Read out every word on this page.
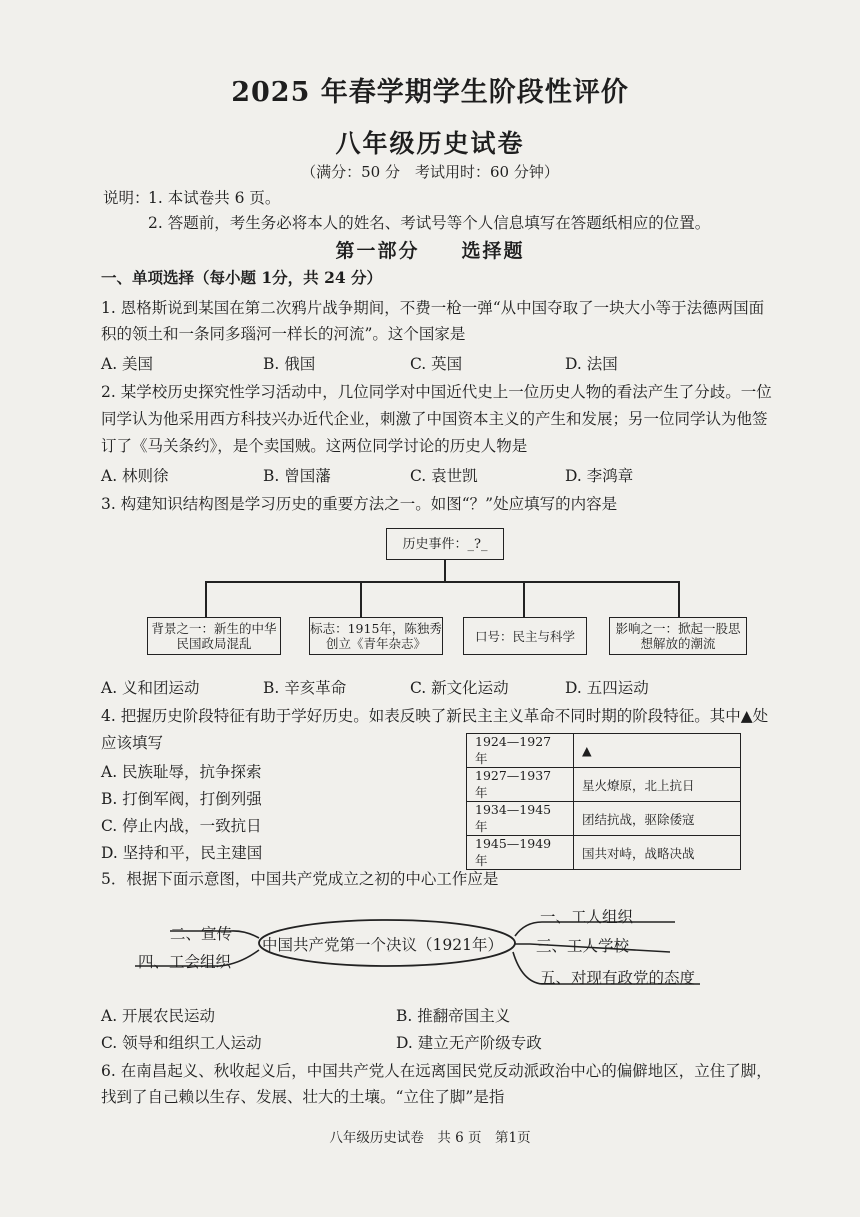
2025 年春学期学生阶段性评价
八年级历史试卷
（满分：50 分　考试用时：60 分钟）
说明：
1. 本试卷共 6 页。
2. 答题前，考生务必将本人的姓名、考试号等个人信息填写在答题纸相应的位置。
第一部分　　选择题
一、单项选择（每小题 1分，共 24 分）
1. 恩格斯说到某国在第二次鸦片战争期间，不费一枪一弹“从中国夺取了一块大小等于法德两国面
积的领土和一条同多瑙河一样长的河流”。这个国家是
A. 美国	B. 俄国	C. 英国	D. 法国
2. 某学校历史探究性学习活动中，几位同学对中国近代史上一位历史人物的看法产生了分歧。一位
同学认为他采用西方科技兴办近代企业，刺激了中国资本主义的产生和发展；另一位同学认为他签
订了《马关条约》，是个卖国贼。这两位同学讨论的历史人物是
A. 林则徐	B. 曾国藩	C. 袁世凯	D. 李鸿章
3. 构建知识结构图是学习历史的重要方法之一。如图“？”处应填写的内容是
历史事件：_?_
背景之一：新生的中华民国政局混乱
标志：1915年，陈独秀创立《青年杂志》	口号：民主与科学	影响之一：掀起一股思想解放的潮流
A. 义和团运动	B. 辛亥革命	C. 新文化运动	D. 五四运动
4. 把握历史阶段特征有助于学好历史。如表反映了新民主主义革命不同时期的阶段特征。其中▲处
应该填写
A. 民族耻辱，抗争探索
B. 打倒军阀，打倒列强
C. 停止内战，一致抗日
D. 坚持和平，民主建国
1924—1927 年	▲
1927—1937 年	星火燎原，北上抗日
1934—1945 年	团结抗战，驱除倭寇
1945—1949 年	国共对峙，战略决战
5．根据下面示意图，中国共产党成立之初的中心工作应是
中国共产党第一个决议（1921年）
二、宣传
四、工会组织
一、工人组织
三、工人学校
五、对现有政党的态度
A. 开展农民运动	B. 推翻帝国主义
C. 领导和组织工人运动	D. 建立无产阶级专政
6. 在南昌起义、秋收起义后，中国共产党人在远离国民党反动派政治中心的偏僻地区，立住了脚，
找到了自己赖以生存、发展、壮大的土壤。“立住了脚”是指
八年级历史试卷　共 6 页　第1页
